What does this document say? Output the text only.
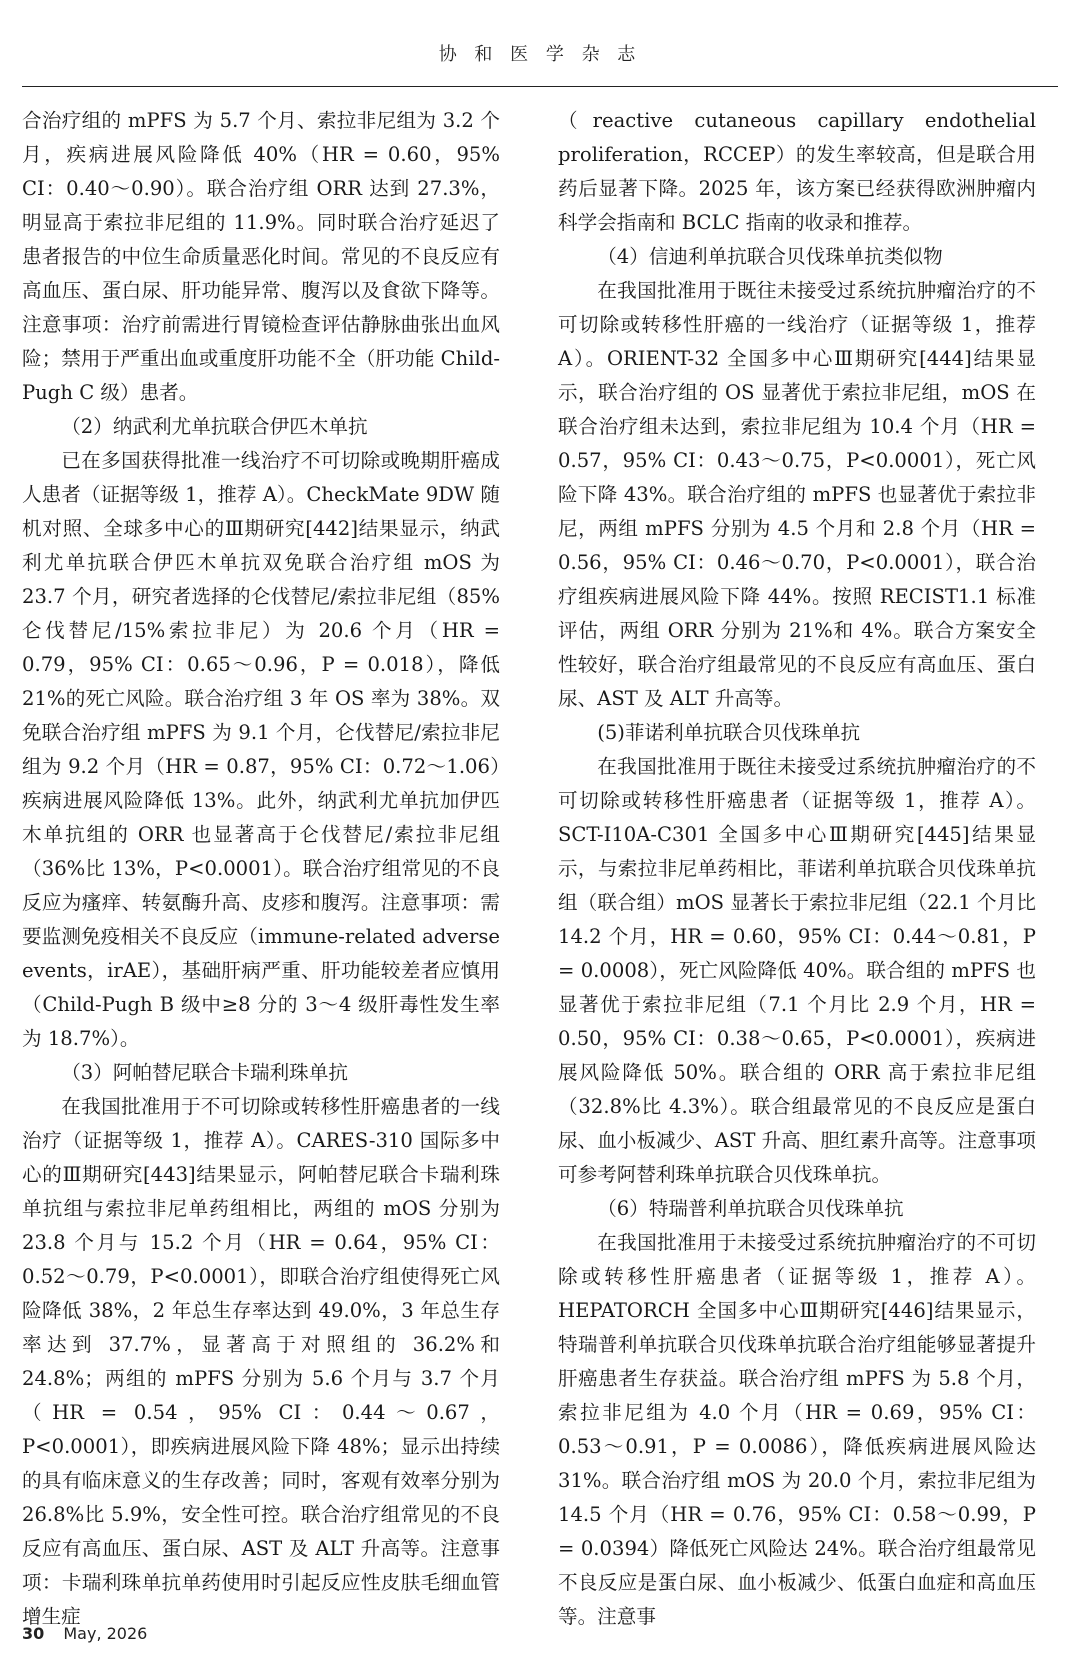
协 和 医 学 杂 志

合治疗组的 mPFS 为 5.7 个月、索拉非尼组为 3.2 个月，疾病进展风险降低 40%（HR = 0.60，95% CI：0.40～0.90）。联合治疗组 ORR 达到 27.3%，明显高于索拉非尼组的 11.9%。同时联合治疗延迟了患者报告的中位生命质量恶化时间。常见的不良反应有高血压、蛋白尿、肝功能异常、腹泻以及食欲下降等。注意事项：治疗前需进行胃镜检查评估静脉曲张出血风险；禁用于严重出血或重度肝功能不全（肝功能 Child-Pugh C 级）患者。

（2）纳武利尤单抗联合伊匹木单抗

已在多国获得批准一线治疗不可切除或晚期肝癌成人患者（证据等级 1，推荐 A）。CheckMate 9DW 随机对照、全球多中心的Ⅲ期研究[442]结果显示，纳武利尤单抗联合伊匹木单抗双免联合治疗组 mOS 为 23.7 个月，研究者选择的仑伐替尼/索拉非尼组（85%仑伐替尼/15%索拉非尼）为 20.6 个月（HR = 0.79，95% CI：0.65～0.96，P = 0.018），降低 21%的死亡风险。联合治疗组 3 年 OS 率为 38%。双免联合治疗组 mPFS 为 9.1 个月，仑伐替尼/索拉非尼组为 9.2 个月（HR = 0.87，95% CI：0.72～1.06）疾病进展风险降低 13%。此外，纳武利尤单抗加伊匹木单抗组的 ORR 也显著高于仑伐替尼/索拉非尼组（36%比 13%，P<0.0001）。联合治疗组常见的不良反应为瘙痒、转氨酶升高、皮疹和腹泻。注意事项：需要监测免疫相关不良反应（immune-related adverse events，irAE），基础肝病严重、肝功能较差者应慎用（Child-Pugh B 级中≥8 分的 3～4 级肝毒性发生率为 18.7%）。

（3）阿帕替尼联合卡瑞利珠单抗

在我国批准用于不可切除或转移性肝癌患者的一线治疗（证据等级 1，推荐 A）。CARES-310 国际多中心的Ⅲ期研究[443]结果显示，阿帕替尼联合卡瑞利珠单抗组与索拉非尼单药组相比，两组的 mOS 分别为 23.8 个月与 15.2 个月（HR = 0.64，95% CI：0.52～0.79，P<0.0001），即联合治疗组使得死亡风险降低 38%，2 年总生存率达到 49.0%，3 年总生存率达到 37.7%，显著高于对照组的 36.2%和 24.8%；两组的 mPFS 分别为 5.6 个月与 3.7 个月（HR = 0.54，95% CI：0.44～0.67，P<0.0001），即疾病进展风险下降 48%；显示出持续的具有临床意义的生存改善；同时，客观有效率分别为 26.8%比 5.9%，安全性可控。联合治疗组常见的不良反应有高血压、蛋白尿、AST 及 ALT 升高等。注意事项：卡瑞利珠单抗单药使用时引起反应性皮肤毛细血管增生症

（reactive cutaneous capillary endothelial proliferation，RCCEP）的发生率较高，但是联合用药后显著下降。2025 年，该方案已经获得欧洲肿瘤内科学会指南和 BCLC 指南的收录和推荐。

（4）信迪利单抗联合贝伐珠单抗类似物

在我国批准用于既往未接受过系统抗肿瘤治疗的不可切除或转移性肝癌的一线治疗（证据等级 1，推荐 A）。ORIENT-32 全国多中心Ⅲ期研究[444]结果显示，联合治疗组的 OS 显著优于索拉非尼组，mOS 在联合治疗组未达到，索拉非尼组为 10.4 个月（HR = 0.57，95% CI：0.43～0.75，P<0.0001），死亡风险下降 43%。联合治疗组的 mPFS 也显著优于索拉非尼，两组 mPFS 分别为 4.5 个月和 2.8 个月（HR = 0.56，95% CI：0.46～0.70，P<0.0001），联合治疗组疾病进展风险下降 44%。按照 RECIST1.1 标准评估，两组 ORR 分别为 21%和 4%。联合方案安全性较好，联合治疗组最常见的不良反应有高血压、蛋白尿、AST 及 ALT 升高等。

(5)菲诺利单抗联合贝伐珠单抗

在我国批准用于既往未接受过系统抗肿瘤治疗的不可切除或转移性肝癌患者（证据等级 1，推荐 A）。SCT-I10A-C301 全国多中心Ⅲ期研究[445]结果显示，与索拉非尼单药相比，菲诺利单抗联合贝伐珠单抗组（联合组）mOS 显著长于索拉非尼组（22.1 个月比 14.2 个月，HR = 0.60，95% CI：0.44～0.81，P = 0.0008），死亡风险降低 40%。联合组的 mPFS 也显著优于索拉非尼组（7.1 个月比 2.9 个月，HR = 0.50，95% CI：0.38～0.65，P<0.0001），疾病进展风险降低 50%。联合组的 ORR 高于索拉非尼组（32.8%比 4.3%）。联合组最常见的不良反应是蛋白尿、血小板减少、AST 升高、胆红素升高等。注意事项可参考阿替利珠单抗联合贝伐珠单抗。

（6）特瑞普利单抗联合贝伐珠单抗

在我国批准用于未接受过系统抗肿瘤治疗的不可切除或转移性肝癌患者（证据等级 1，推荐 A）。HEPATORCH 全国多中心Ⅲ期研究[446]结果显示，特瑞普利单抗联合贝伐珠单抗联合治疗组能够显著提升肝癌患者生存获益。联合治疗组 mPFS 为 5.8 个月，索拉非尼组为 4.0 个月（HR = 0.69，95% CI：0.53～0.91，P = 0.0086），降低疾病进展风险达 31%。联合治疗组 mOS 为 20.0 个月，索拉非尼组为 14.5 个月（HR = 0.76，95% CI：0.58～0.99，P = 0.0394）降低死亡风险达 24%。联合治疗组最常见不良反应是蛋白尿、血小板减少、低蛋白血症和高血压等。注意事

30 May, 2026
